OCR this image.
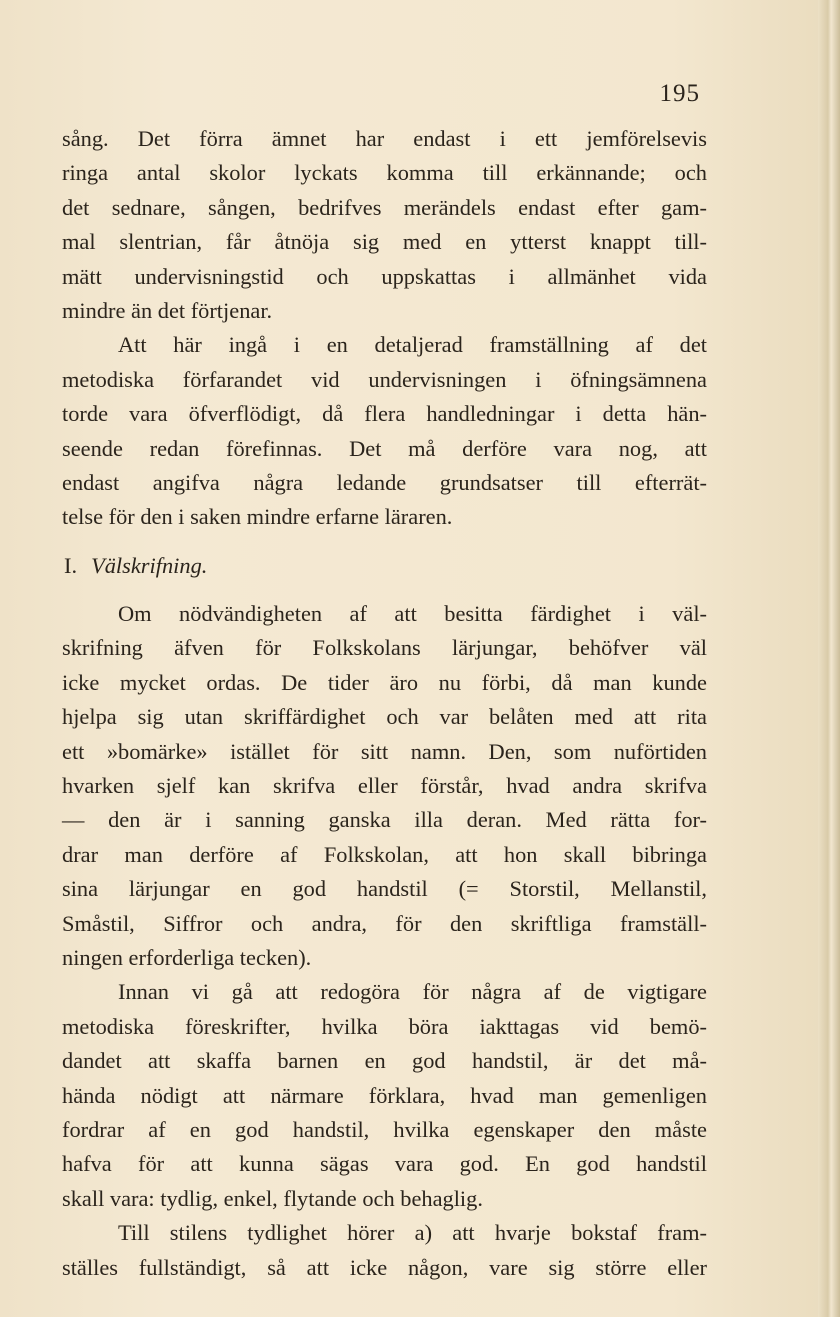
195
sång. Det förra ämnet har endast i ett jemförelsevis
ringa antal skolor lyckats komma till erkännande; och
det sednare, sången, bedrifves merändels endast efter gam-
mal slentrian, får åtnöja sig med en ytterst knappt till-
mätt undervisningstid och uppskattas i allmänhet vida
mindre än det förtjenar.
Att här ingå i en detaljerad framställning af det
metodiska förfarandet vid undervisningen i öfningsämnena
torde vara öfverflödigt, då flera handledningar i detta hän-
seende redan förefinnas. Det må derföre vara nog, att
endast angifva några ledande grundsatser till efterrät-
telse för den i saken mindre erfarne läraren.
I. Välskrifning.
Om nödvändigheten af att besitta färdighet i väl-
skrifning äfven för Folkskolans lärjungar, behöfver väl
icke mycket ordas. De tider äro nu förbi, då man kunde
hjelpa sig utan skriffärdighet och var belåten med att rita
ett »bomärke» istället för sitt namn. Den, som nuförtiden
hvarken sjelf kan skrifva eller förstår, hvad andra skrifva
— den är i sanning ganska illa deran. Med rätta for-
drar man derföre af Folkskolan, att hon skall bibringa
sina lärjungar en god handstil (= Storstil, Mellanstil,
Småstil, Siffror och andra, för den skriftliga framställ-
ningen erforderliga tecken).
Innan vi gå att redogöra för några af de vigtigare
metodiska föreskrifter, hvilka böra iakttagas vid bemö-
dandet att skaffa barnen en god handstil, är det må-
hända nödigt att närmare förklara, hvad man gemenligen
fordrar af en god handstil, hvilka egenskaper den måste
hafva för att kunna sägas vara god. En god handstil
skall vara: tydlig, enkel, flytande och behaglig.
Till stilens tydlighet hörer a) att hvarje bokstaf fram-
ställes fullständigt, så att icke någon, vare sig större eller
